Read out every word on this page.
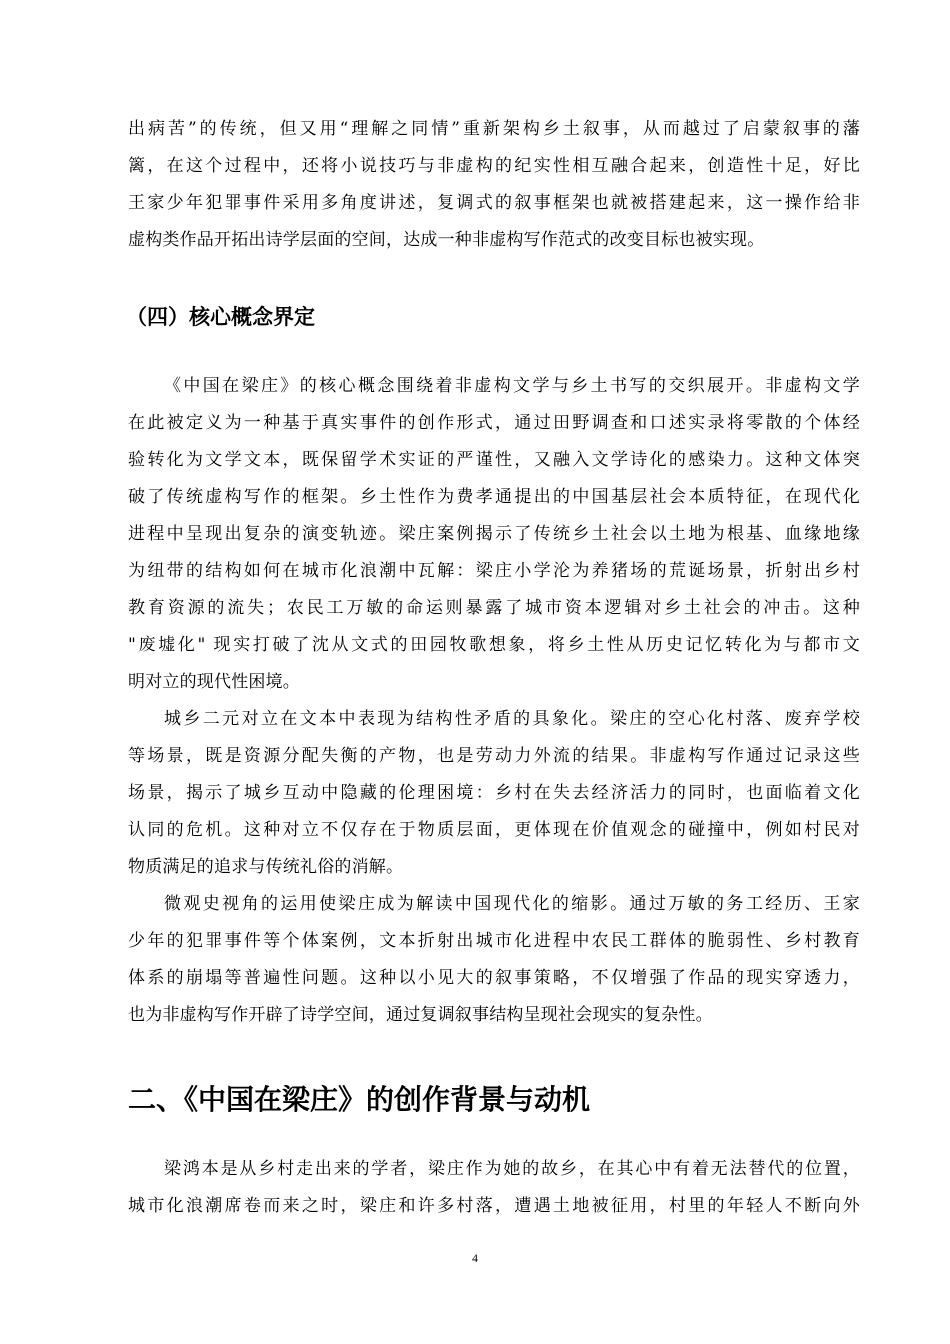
出病苦”的传统，但又用“理解之同情”重新架构乡土叙事，从而越过了启蒙叙事的藩
篱，在这个过程中，还将小说技巧与非虚构的纪实性相互融合起来，创造性十足，好比
王家少年犯罪事件采用多角度讲述，复调式的叙事框架也就被搭建起来，这一操作给非
虚构类作品开拓出诗学层面的空间，达成一种非虚构写作范式的改变目标也被实现。
（四）核心概念界定
《中国在梁庄》的核心概念围绕着非虚构文学与乡土书写的交织展开。非虚构文学
在此被定义为一种基于真实事件的创作形式，通过田野调查和口述实录将零散的个体经
验转化为文学文本，既保留学术实证的严谨性，又融入文学诗化的感染力。这种文体突
破了传统虚构写作的框架。乡土性作为费孝通提出的中国基层社会本质特征，在现代化
进程中呈现出复杂的演变轨迹。梁庄案例揭示了传统乡土社会以土地为根基、血缘地缘
为纽带的结构如何在城市化浪潮中瓦解：梁庄小学沦为养猪场的荒诞场景，折射出乡村
教育资源的流失；农民工万敏的命运则暴露了城市资本逻辑对乡土社会的冲击。这种
"废墟化" 现实打破了沈从文式的田园牧歌想象，将乡土性从历史记忆转化为与都市文
明对立的现代性困境。
城乡二元对立在文本中表现为结构性矛盾的具象化。梁庄的空心化村落、废弃学校
等场景，既是资源分配失衡的产物，也是劳动力外流的结果。非虚构写作通过记录这些
场景，揭示了城乡互动中隐藏的伦理困境：乡村在失去经济活力的同时，也面临着文化
认同的危机。这种对立不仅存在于物质层面，更体现在价值观念的碰撞中，例如村民对
物质满足的追求与传统礼俗的消解。
微观史视角的运用使梁庄成为解读中国现代化的缩影。通过万敏的务工经历、王家
少年的犯罪事件等个体案例，文本折射出城市化进程中农民工群体的脆弱性、乡村教育
体系的崩塌等普遍性问题。这种以小见大的叙事策略，不仅增强了作品的现实穿透力，
也为非虚构写作开辟了诗学空间，通过复调叙事结构呈现社会现实的复杂性。
二、《中国在梁庄》的创作背景与动机
梁鸿本是从乡村走出来的学者，梁庄作为她的故乡，在其心中有着无法替代的位置，
城市化浪潮席卷而来之时，梁庄和许多村落，遭遇土地被征用，村里的年轻人不断向外
4
